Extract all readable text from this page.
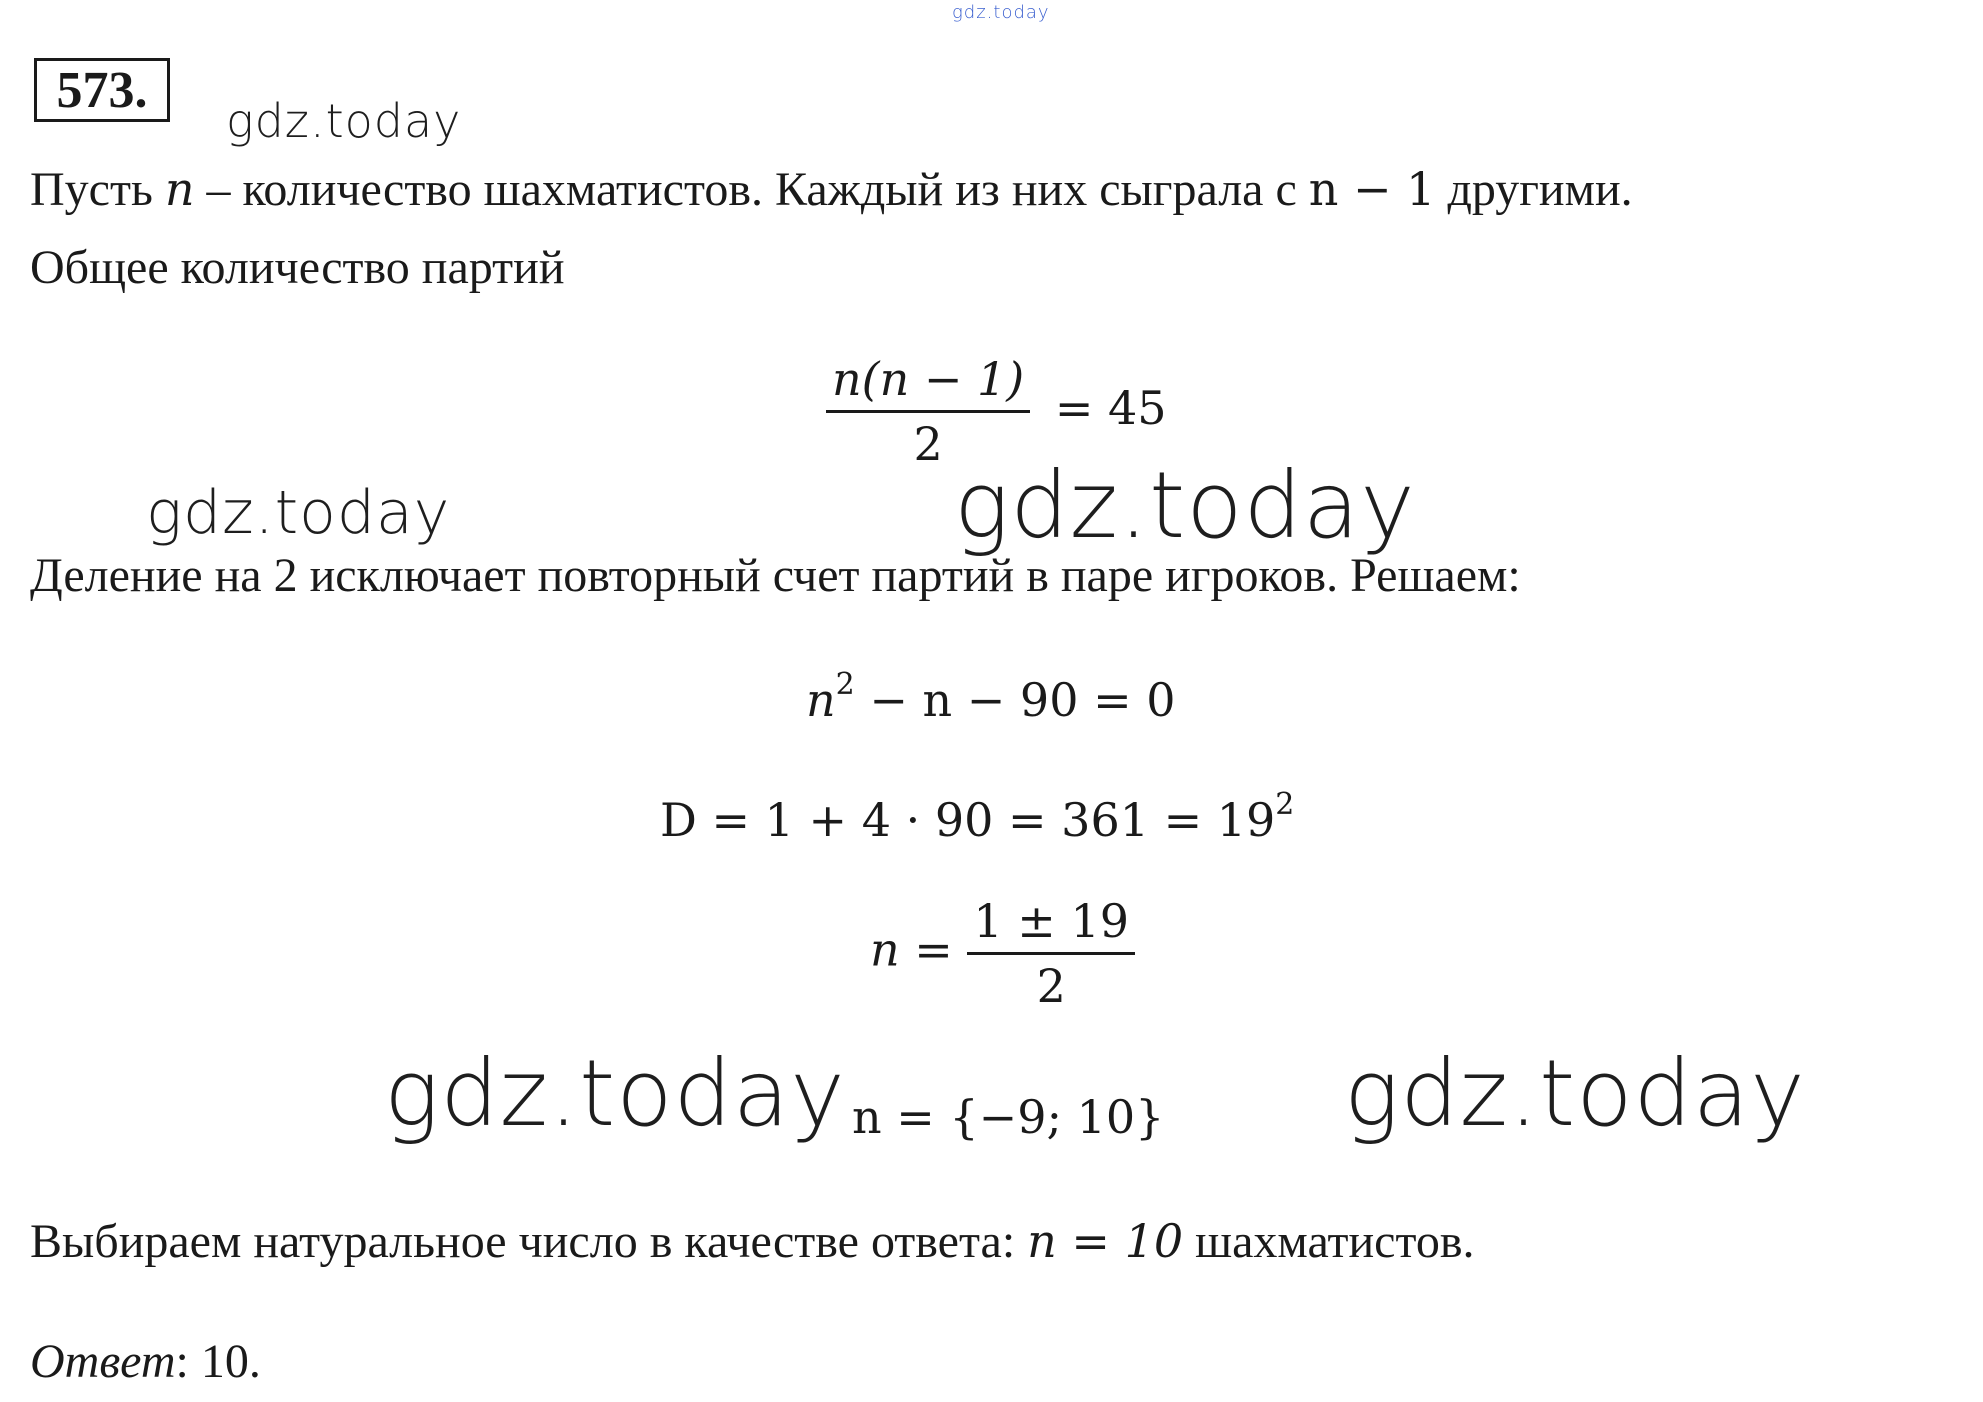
gdz.today
573.
gdz.today
Пусть n – количество шахматистов. Каждый из них сыграла с n − 1 другими.
Общее количество партий
$\frac{n(n - 1)}{2} = 45$
gdz.today	gdz.today
Деление на 2 исключает повторный счет партий в паре игроков. Решаем:
$n^2 - n - 90 = 0$
$D = 1 + 4 \cdot 90 = 361 = 19^2$
$n = \frac{1 \pm 19}{2}$
gdz.today	gdz.today
n = {−9; 10}
Выбираем натуральное число в качестве ответа: n = 10 шахматистов.
Ответ: 10.
